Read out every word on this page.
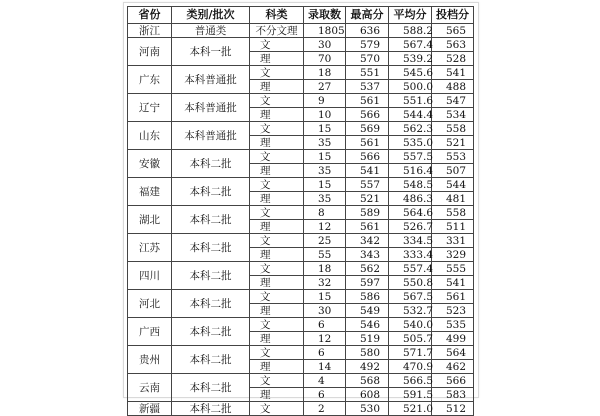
省份	类别/批次	科类	录取数	最高分	平均分	投档分
浙江	普通类	不分文理	1805	636	588.2	565
河南	本科一批	文	30	579	567.4	563
		理	70	570	539.2	528
广东	本科普通批	文	18	551	545.6	541
		理	27	537	500.0	488
辽宁	本科普通批	文	9	561	551.6	547
		理	10	566	544.4	534
山东	本科普通批	文	15	569	562.3	558
		理	35	561	535.0	521
安徽	本科二批	文	15	566	557.5	553
		理	35	541	516.4	507
福建	本科二批	文	15	557	548.5	544
		理	35	521	486.3	481
湖北	本科二批	文	8	589	564.6	558
		理	12	561	526.7	511
江苏	本科二批	文	25	342	334.5	331
		理	55	343	333.4	329
四川	本科二批	文	18	562	557.4	555
		理	32	597	550.8	541
河北	本科二批	文	15	586	567.5	561
		理	30	549	532.7	523
广西	本科二批	文	6	546	540.0	535
		理	12	519	505.7	499
贵州	本科二批	文	6	580	571.7	564
		理	14	492	470.9	462
云南	本科二批	文	4	568	566.5	566
		理	6	608	591.5	583
新疆	本科二批	文	2	530	521.0	512
